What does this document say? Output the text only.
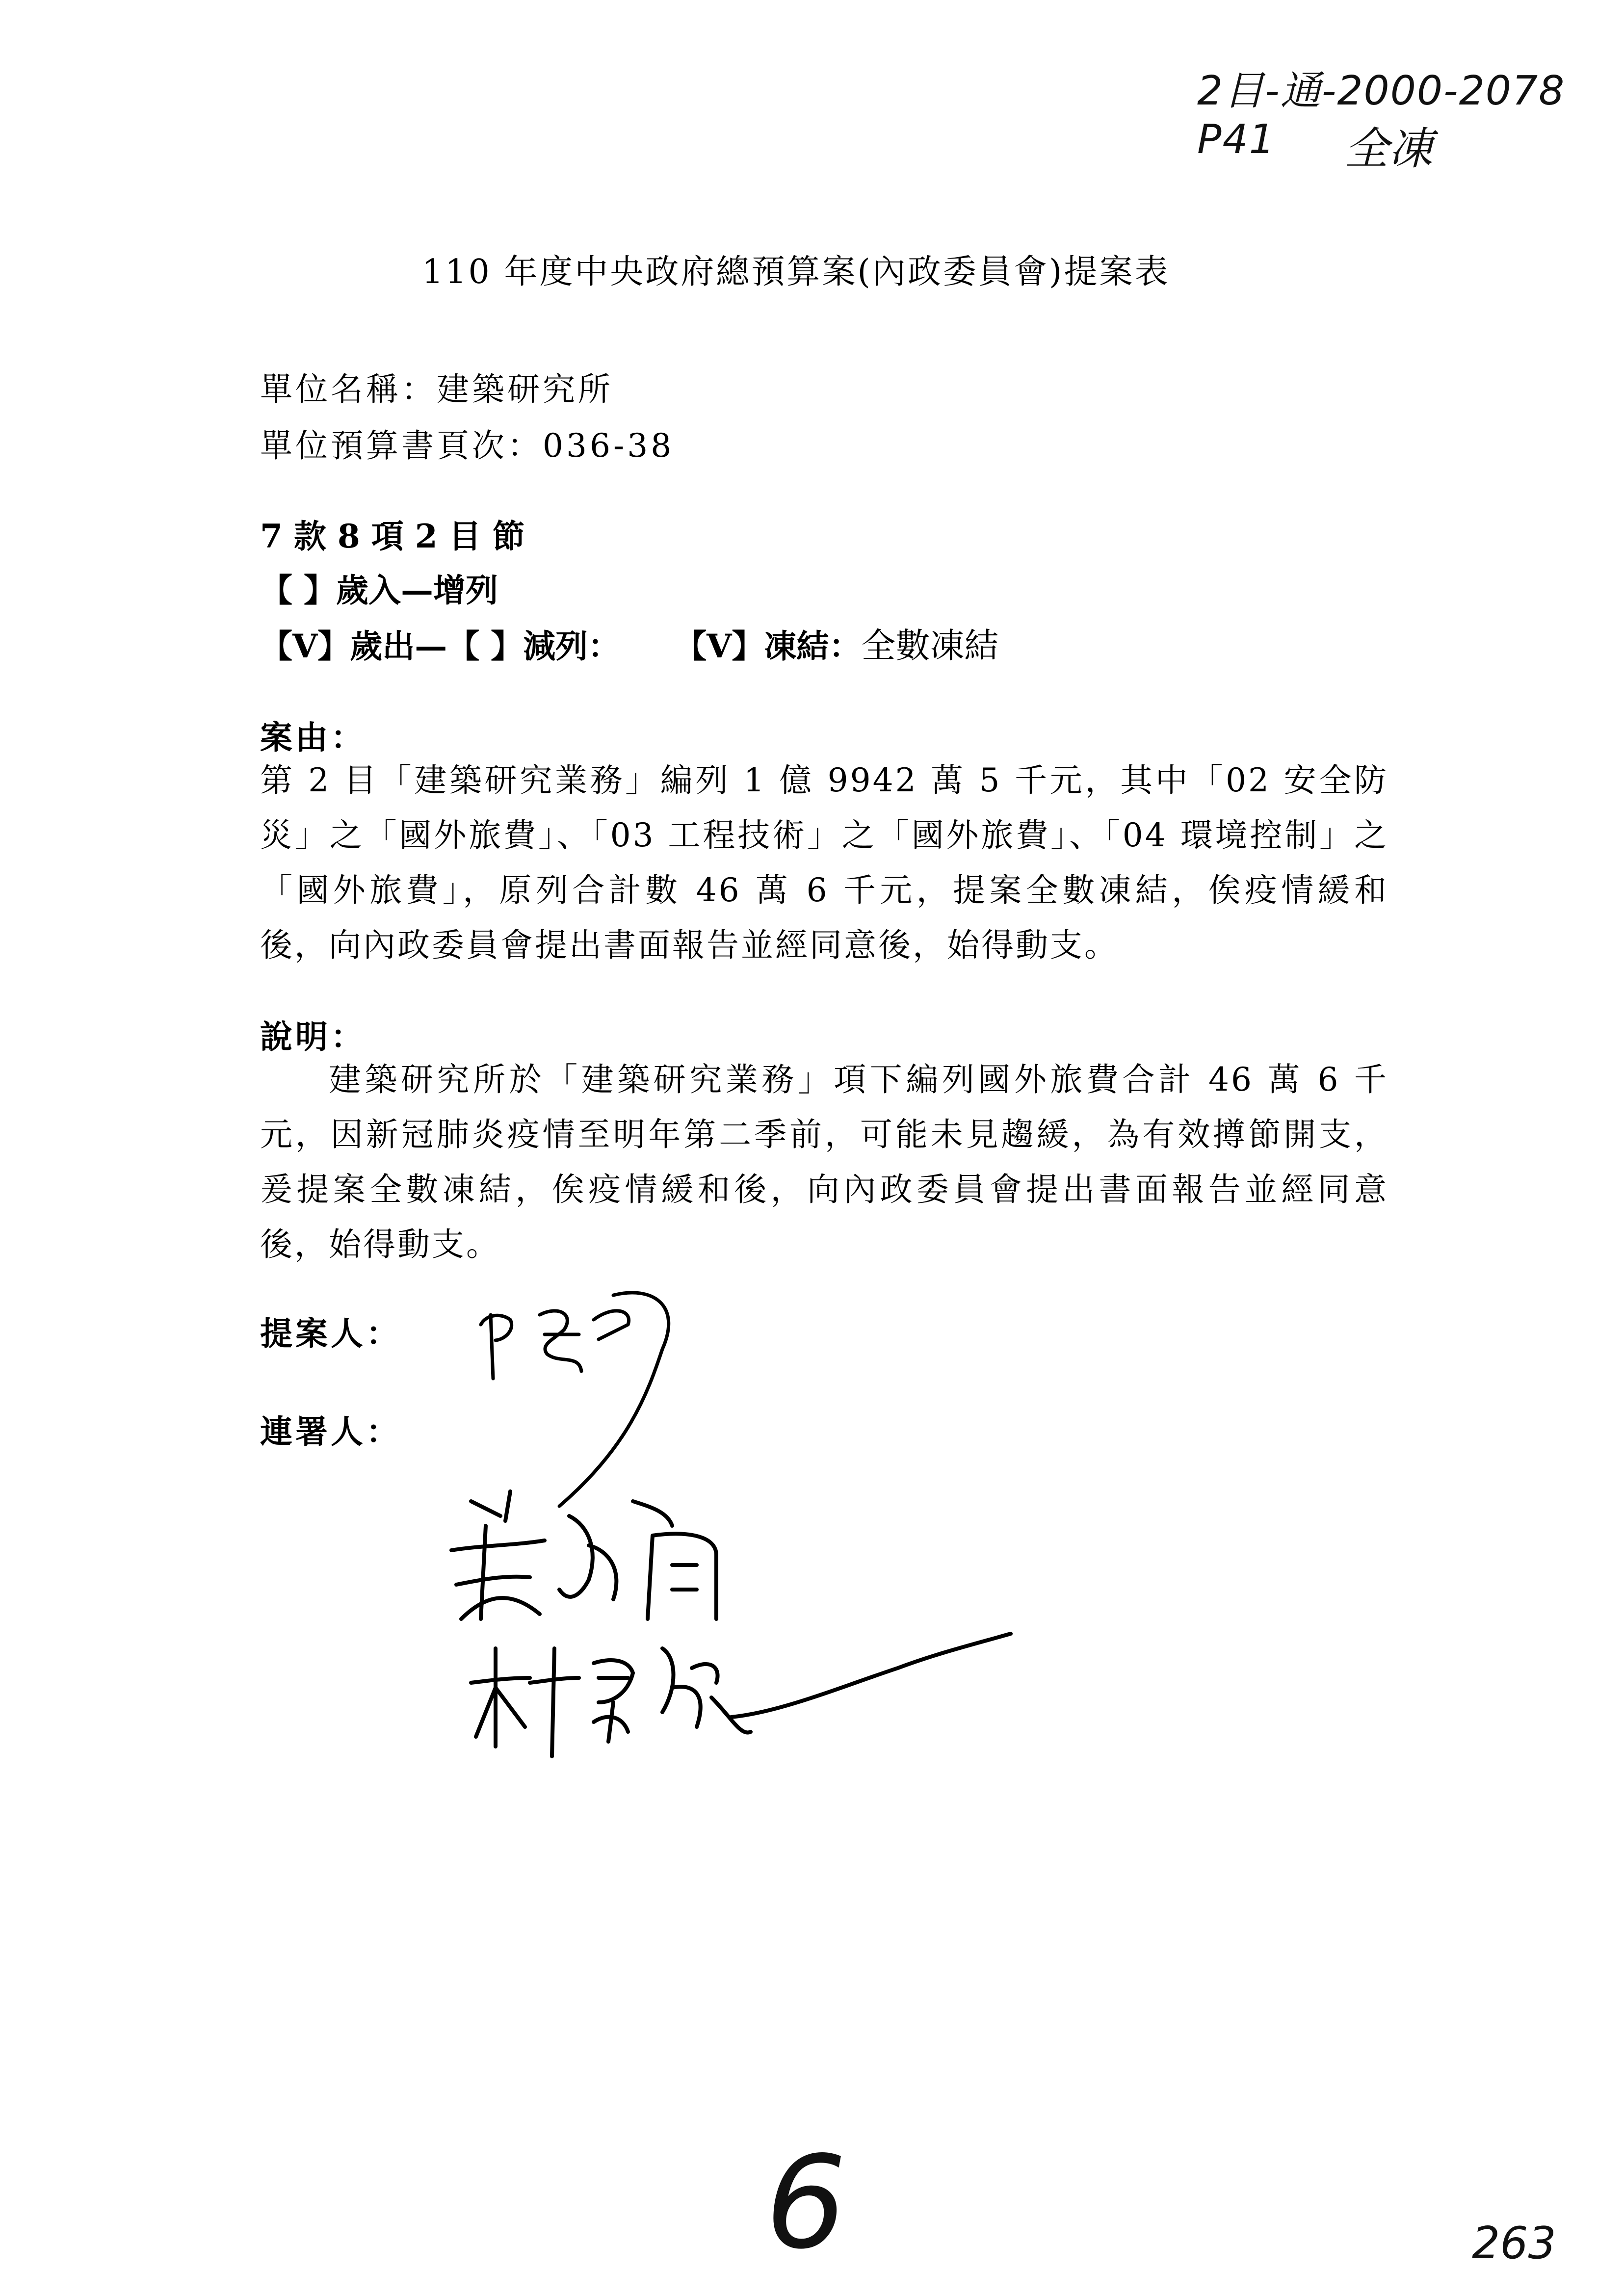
2目-通-2000-2078 P41	全凍
110 年度中央政府總預算案(內政委員會)提案表
單位名稱：建築研究所
單位預算書頁次：036-38
7 款 8 項 2 目 節
【 】歲入—增列
【V】歲出—【 】減列： 【V】凍結：全數凍結
案由：
第 2 目「建築研究業務」編列 1 億 9942 萬 5 千元，其中「02 安全防災」之「國外旅費」、「03 工程技術」之「國外旅費」、「04 環境控制」之「國外旅費」，原列合計數 46 萬 6 千元，提案全數凍結，俟疫情緩和後，向內政委員會提出書面報告並經同意後，始得動支。
說明：
建築研究所於「建築研究業務」項下編列國外旅費合計 46 萬 6 千元，因新冠肺炎疫情至明年第二季前，可能未見趨緩，為有效撙節開支，爰提案全數凍結，俟疫情緩和後，向內政委員會提出書面報告並經同意後，始得動支。
提案人：
連署人：
6	263
